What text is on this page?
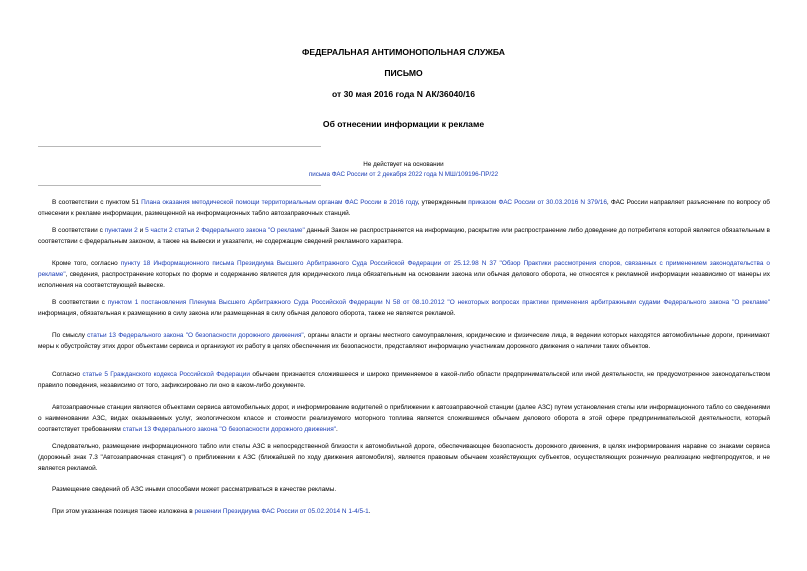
ФЕДЕРАЛЬНАЯ АНТИМОНОПОЛЬНАЯ СЛУЖБА
ПИСЬМО
от 30 мая 2016 года N АК/36040/16
Об отнесении информации к рекламе
Не действует на основании
письма ФАС России от 2 декабря 2022 года N МШ/109196-ПР/22
В соответствии с пунктом 51 Плана оказания методической помощи территориальным органам ФАС России в 2016 году, утвержденным приказом ФАС России от 30.03.2016 N 379/16, ФАС России направляет разъяснение по вопросу об отнесении к рекламе информации, размещенной на информационных табло автозаправочных станций.
В соответствии с пунктами 2 и 5 части 2 статьи 2 Федерального закона "О рекламе" данный Закон не распространяется на информацию, раскрытие или распространение либо доведение до потребителя которой является обязательным в соответствии с федеральным законом, а также на вывески и указатели, не содержащие сведений рекламного характера.
Кроме того, согласно пункту 18 Информационного письма Президиума Высшего Арбитражного Суда Российской Федерации от 25.12.98 N 37 "Обзор Практики рассмотрения споров, связанных с применением законодательства о рекламе", сведения, распространение которых по форме и содержанию является для юридического лица обязательным на основании закона или обычая делового оборота, не относятся к рекламной информации независимо от манеры их исполнения на соответствующей вывеске.
В соответствии с пунктом 1 постановления Пленума Высшего Арбитражного Суда Российской Федерации N 58 от 08.10.2012 "О некоторых вопросах практики применения арбитражными судами Федерального закона "О рекламе" информация, обязательная к размещению в силу закона или размещенная в силу обычая делового оборота, также не является рекламой.
По смыслу статьи 13 Федерального закона "О безопасности дорожного движения", органы власти и органы местного самоуправления, юридические и физические лица, в ведении которых находятся автомобильные дороги, принимают меры к обустройству этих дорог объектами сервиса и организуют их работу в целях обеспечения их безопасности, представляют информацию участникам дорожного движения о наличии таких объектов.
Согласно статье 5 Гражданского кодекса Российской Федерации обычаем признается сложившееся и широко применяемое в какой-либо области предпринимательской или иной деятельности, не предусмотренное законодательством правило поведения, независимо от того, зафиксировано ли оно в каком-либо документе.
Автозаправочные станции являются объектами сервиса автомобильных дорог, и информирование водителей о приближении к автозаправочной станции (далее АЗС) путем установления стелы или информационного табло со сведениями о наименовании АЗС, видах оказываемых услуг, экологическом классе и стоимости реализуемого моторного топлива является сложившимся обычаем делового оборота в этой сфере предпринимательской деятельности, который соответствует требованиям статьи 13 Федерального закона "О безопасности дорожного движения".
Следовательно, размещение информационного табло или стелы АЗС в непосредственной близости к автомобильной дороге, обеспечивающее безопасность дорожного движения, в целях информирования наравне со знаками сервиса (дорожный знак 7.3 "Автозаправочная станция") о приближении к АЗС (ближайшей по ходу движения автомобиля), является правовым обычаем хозяйствующих субъектов, осуществляющих розничную реализацию нефтепродуктов, и не является рекламой.
Размещение сведений об АЗС иными способами может рассматриваться в качестве рекламы.
При этом указанная позиция также изложена в решении Президиума ФАС России от 05.02.2014 N 1-4/5-1.
